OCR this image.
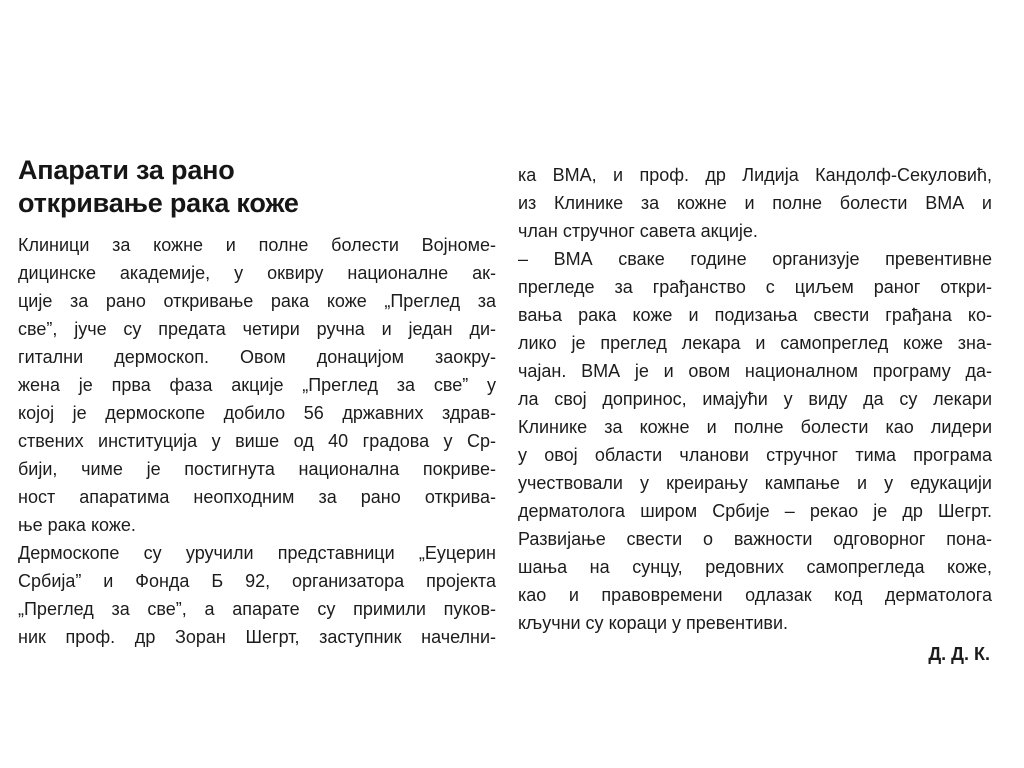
Апарати за рано
откривање рака коже
Клиници за кожне и полне болести Војноме-
дицинске академије, у оквиру националне ак-
ције за рано откривање рака коже „Преглед за
све”, јуче су предата четири ручна и један ди-
гитални дермоскоп. Овом донацијом заокру-
жена је прва фаза акције „Преглед за све” у
којој је дермоскопе добило 56 државних здрав-
ствених институција у више од 40 градова у Ср-
бији, чиме је постигнута национална покриве-
ност апаратима неопходним за рано открива-
ње рака коже.
Дермоскопе су уручили представници „Еуцерин
Србија” и Фонда Б 92, организатора пројекта
„Преглед за све”, а апарате су примили пуков-
ник проф. др Зоран Шегрт, заступник начелни-
ка ВМА, и проф. др Лидија Кандолф-Секуловић,
из Клинике за кожне и полне болести ВМА и
члан стручног савета акције.
– ВМА сваке године организује превентивне
прегледе за грађанство с циљем раног откри-
вања рака коже и подизања свести грађана ко-
лико је преглед лекара и самопреглед коже зна-
чајан. ВМА је и овом националном програму да-
ла свој допринос, имајући у виду да су лекари
Клинике за кожне и полне болести као лидери
у овој области чланови стручног тима програма
учествовали у креирању кампање и у едукацији
дерматолога широм Србије – рекао је др Шегрт.
Развијање свести о важности одговорног пона-
шања на сунцу, редовних самопрегледа коже,
као и правовремени одлазак код дерматолога
кључни су кораци у превентиви.
Д. Д. К.
